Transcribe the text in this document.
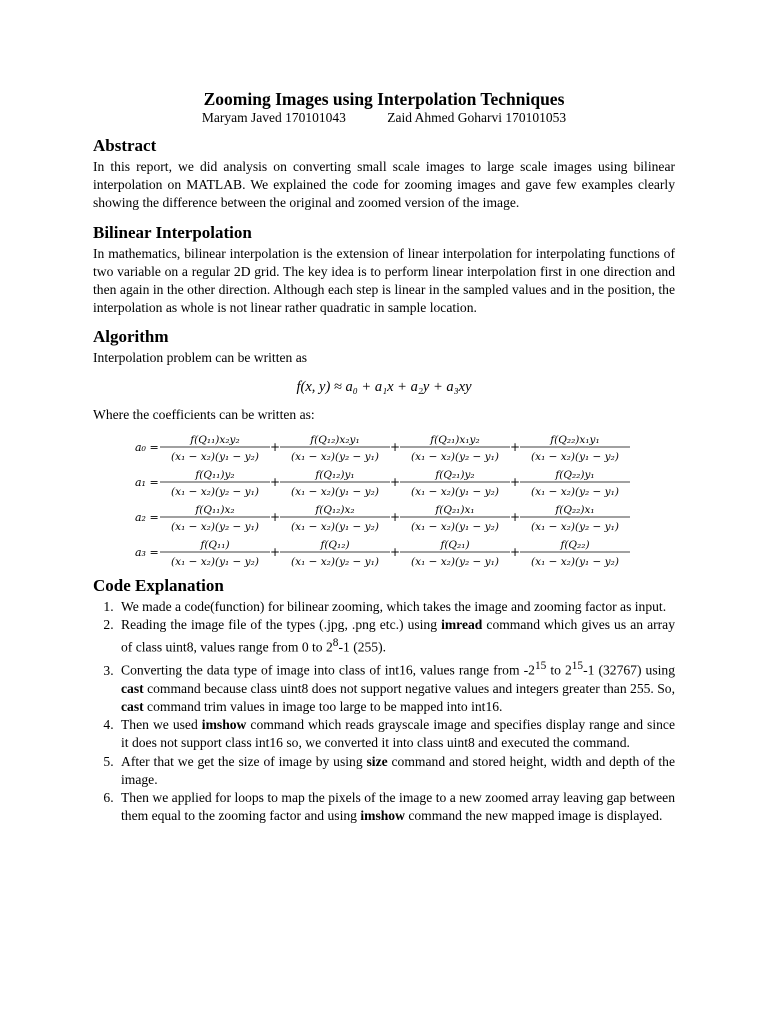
Zooming Images using Interpolation Techniques
Maryam Javed 170101043	Zaid Ahmed Goharvi 170101053
Abstract

In this report, we did analysis on converting small scale images to large scale images using bilinear interpolation on MATLAB. We explained the code for zooming images and gave few examples clearly showing the difference between the original and zoomed version of the image.

Bilinear Interpolation

In mathematics, bilinear interpolation is the extension of linear interpolation for interpolating functions of two variable on a regular 2D grid. The key idea is to perform linear interpolation first in one direction and then again in the other direction. Although each step is linear in the sampled values and in the position, the interpolation as whole is not linear rather quadratic in sample location.

Algorithm

Interpolation problem can be written as

f(x, y) ≈ a₀ + a₁x + a₂y + a₃xy

Where the coefficients can be written as:

a₀ =
f(Q₁₁)x₂y₂
(x₁ − x₂)(y₁ − y₂)
f(Q₁₂)x₂y₁
(x₁ − x₂)(y₂ − y₁)
f(Q₂₁)x₁y₂
(x₁ − x₂)(y₂ − y₁)
f(Q₂₂)x₁y₁
(x₁ − x₂)(y₁ − y₂)
+	+	+
a₁ =
f(Q₁₁)y₂
(x₁ − x₂)(y₂ − y₁)
f(Q₁₂)y₁
(x₁ − x₂)(y₁ − y₂)
f(Q₂₁)y₂
(x₁ − x₂)(y₁ − y₂)
f(Q₂₂)y₁
(x₁ − x₂)(y₂ − y₁)
+	+	+
a₂ =
f(Q₁₁)x₂
(x₁ − x₂)(y₂ − y₁)
f(Q₁₂)x₂
(x₁ − x₂)(y₁ − y₂)
f(Q₂₁)x₁
(x₁ − x₂)(y₁ − y₂)
f(Q₂₂)x₁
(x₁ − x₂)(y₂ − y₁)
+	+	+
a₃ =
f(Q₁₁)
(x₁ − x₂)(y₁ − y₂)
f(Q₁₂)
(x₁ − x₂)(y₂ − y₁)
f(Q₂₁)
(x₁ − x₂)(y₂ − y₁)
f(Q₂₂)
(x₁ − x₂)(y₁ − y₂)
+	+	+
Code Explanation
1. We made a code(function) for bilinear zooming, which takes the image and zooming factor as input.
2. Reading the image file of the types (.jpg, .png etc.) using imread command which gives us an array of class uint8, values range from 0 to $2^8-1$ (255).
3. Converting the data type of image into class of int16, values range from $-2^{15}$ to $2^{15}-1$ (32767) using cast command because class uint8 does not support negative values and integers greater than 255. So, cast command trim values in image too large to be mapped into int16.
4. Then we used imshow command which reads grayscale image and specifies display range and since it does not support class int16 so, we converted it into class uint8 and executed the command.
5. After that we get the size of image by using size command and stored height, width and depth of the image.
6. Then we applied for loops to map the pixels of the image to a new zoomed array leaving gap between them equal to the zooming factor and using imshow command the new mapped image is displayed.
